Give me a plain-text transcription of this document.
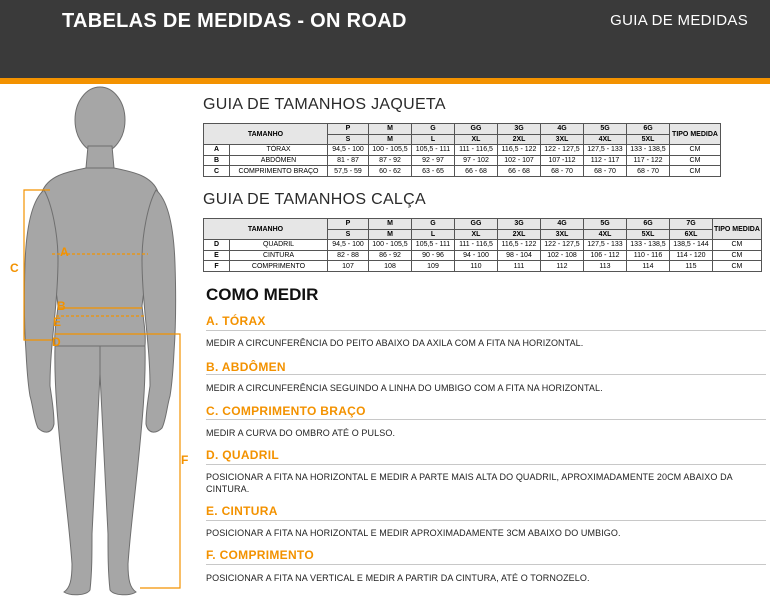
TABELAS DE MEDIDAS - ON ROAD	GUIA DE MEDIDAS
A
B
E
D
C
F
GUIA DE TAMANHOS JAQUETA
TAMANHO		P	M	G	GG	3G	4G	5G	6G	TIPO MEDIDA
		S	M	L	XL	2XL	3XL	4XL	5XL	
A	TÓRAX	94,5 - 100	100 - 105,5	105,5 - 111	111 - 116,5	116,5 - 122	122 - 127,5	127,5 - 133	133 - 138,5	CM
B	ABDÔMEN	81 - 87	87 - 92	92 - 97	97 - 102	102 - 107	107 -112	112 - 117	117 - 122	CM
C	COMPRIMENTO BRAÇO	57,5 - 59	60 - 62	63 - 65	66 - 68	66 - 68	68 - 70	68 - 70	68 - 70	CM
GUIA DE TAMANHOS CALÇA
TAMANHO		P	M	G	GG	3G	4G	5G	6G	7G	TIPO MEDIDA
		S	M	L	XL	2XL	3XL	4XL	5XL	6XL	
D	QUADRIL	94,5 - 100	100 - 105,5	105,5 - 111	111 - 116,5	116,5 - 122	122 - 127,5	127,5 - 133	133 - 138,5	138,5 - 144	CM
E	CINTURA	82 - 88	86 - 92	90 - 96	94 - 100	98 - 104	102 - 108	106 - 112	110 - 116	114 - 120	CM
F	COMPRIMENTO	107	108	109	110	111	112	113	114	115	CM
COMO MEDIR
A. TÓRAX
MEDIR A CIRCUNFERÊNCIA DO PEITO ABAIXO DA AXILA COM A FITA NA HORIZONTAL.
B. ABDÔMEN
MEDIR A CIRCUNFERÊNCIA SEGUINDO A LINHA DO UMBIGO COM A FITA NA HORIZONTAL.
C. COMPRIMENTO BRAÇO
MEDIR A CURVA DO OMBRO ATÉ O PULSO.
D. QUADRIL
POSICIONAR A FITA NA HORIZONTAL E MEDIR A PARTE MAIS ALTA DO QUADRIL, APROXIMADAMENTE 20CM ABAIXO DA CINTURA.
E. CINTURA
POSICIONAR A FITA NA HORIZONTAL E MEDIR APROXIMADAMENTE 3CM ABAIXO DO UMBIGO.
F. COMPRIMENTO
POSICIONAR A FITA NA VERTICAL E MEDIR A PARTIR DA CINTURA, ATÉ O TORNOZELO.
